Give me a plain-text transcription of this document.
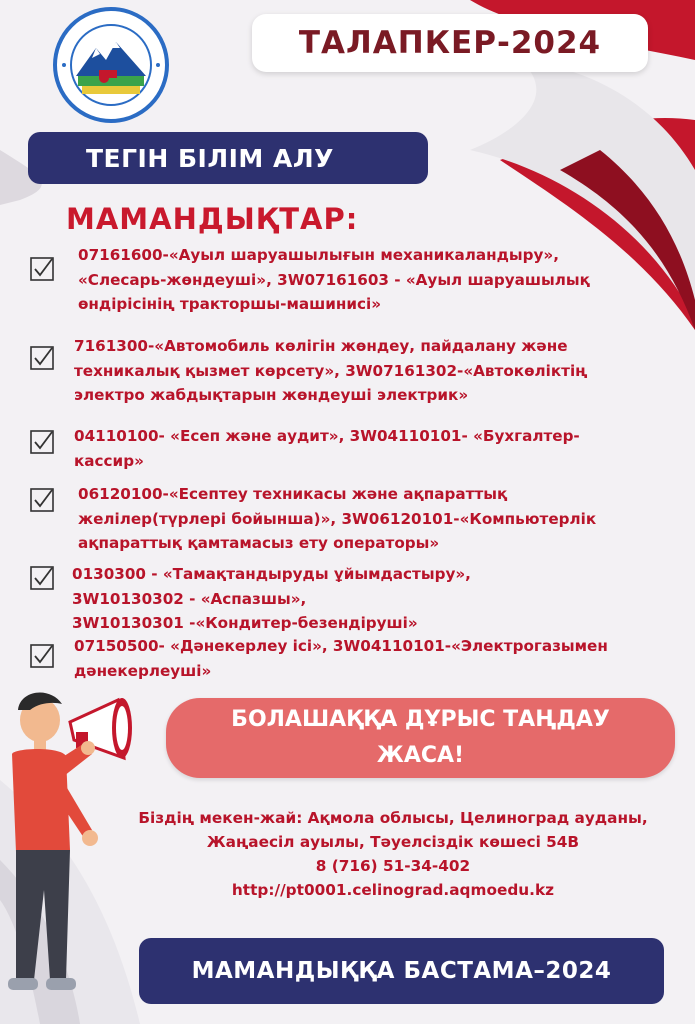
ТАЛАПКЕР-2024
ТЕГІН БІЛІМ АЛУ
МАМАНДЫҚТАР:
07161600-«Ауыл шаруашылығын механикаландыру»,
«Слесарь-жөндеуші», 3W07161603 - «Ауыл шаруашылық
өндірісінің тракторшы-машинисі»
7161300-«Автомобиль көлігін жөндеу, пайдалану және
техникалық қызмет көрсету», 3W07161302-«Автокөліктің
электро жабдықтарын жөндеуші электрик»
04110100- «Есеп және аудит», 3W04110101- «Бухгалтер-
кассир»
06120100-«Есептеу техникасы және ақпараттық
желілер(түрлері бойынша)», 3W06120101-«Компьютерлік
ақпараттық қамтамасыз ету операторы»
0130300 - «Тамақтандыруды ұйымдастыру»,
3W10130302 - «Аспазшы»,
3W10130301 -«Кондитер-безендіруші»
07150500- «Дәнекерлеу ісі», 3W04110101-«Электрогазымен
дәнекерлеуші»
БОЛАШАҚҚА ДҰРЫС ТАҢДАУ ЖАСА!
Біздің мекен-жай: Ақмола облысы, Целиноград ауданы,
Жаңаесіл ауылы, Тәуелсіздік көшесі 54В
8 (716) 51-34-402
http://pt0001.celinograd.aqmoedu.kz
МАМАНДЫҚҚА БАСТАМА–2024
